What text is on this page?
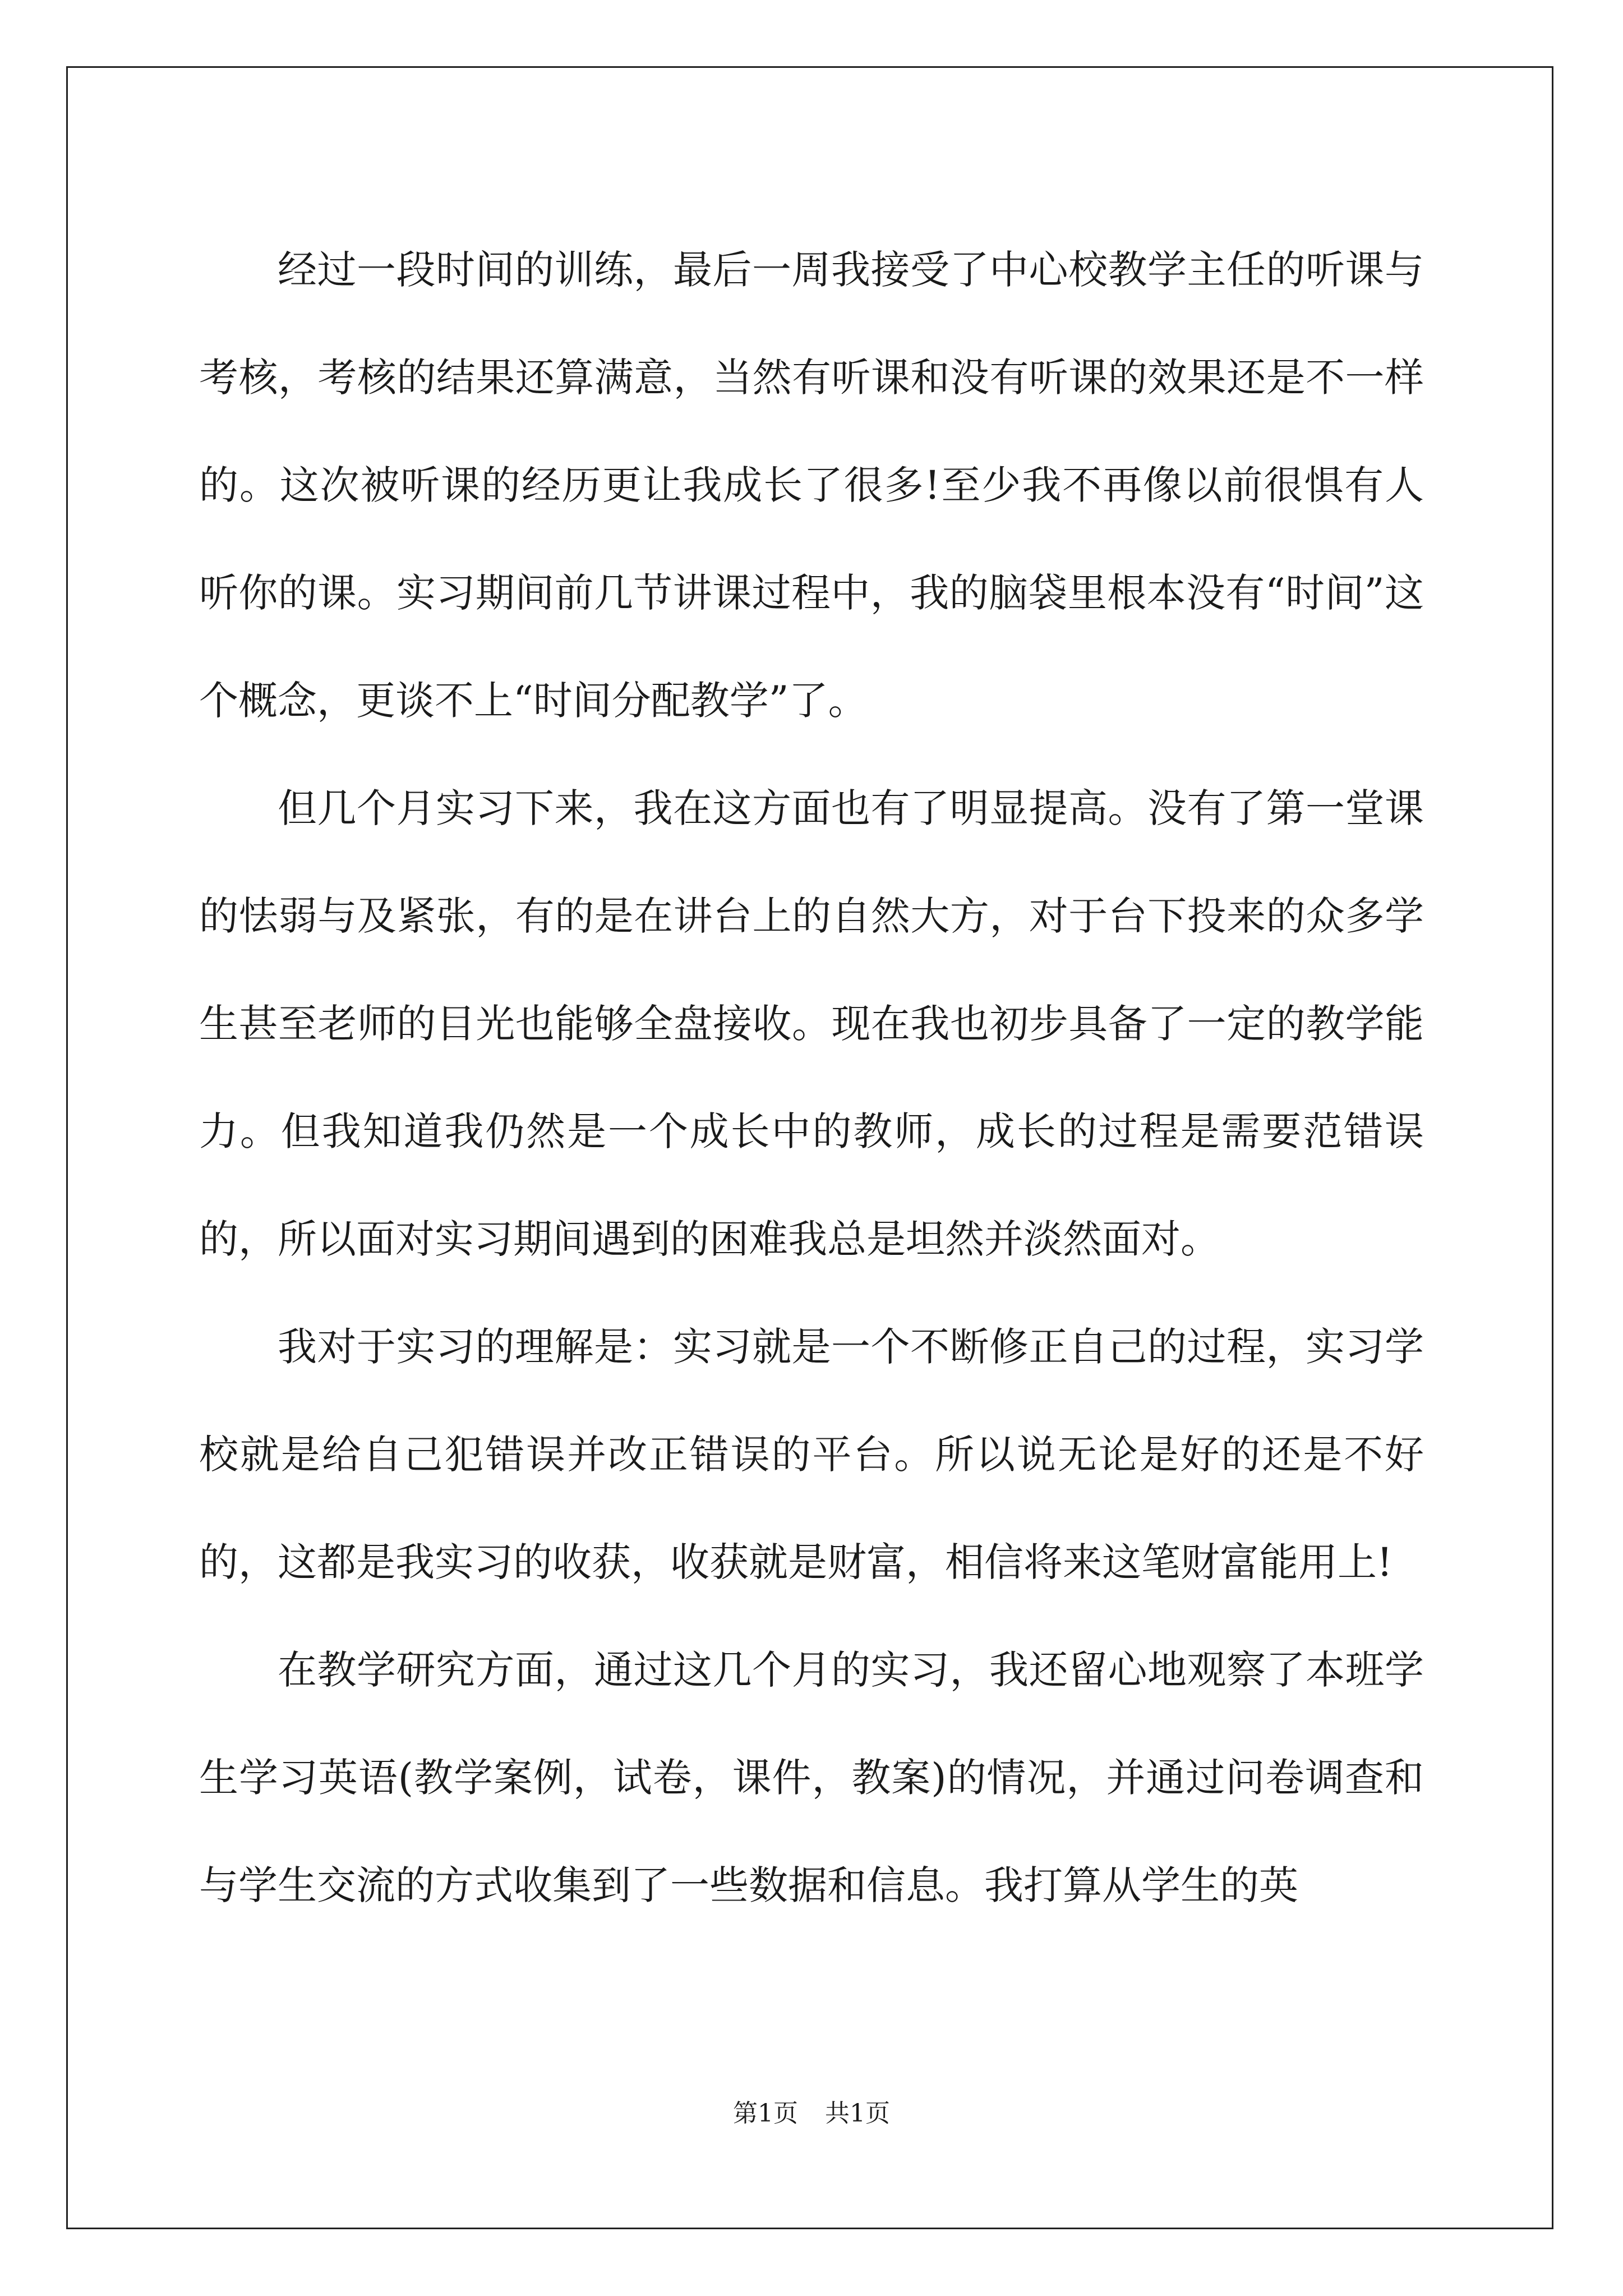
经过一段时间的训练，最后一周我接受了中心校教学主任的听课与考核，考核的结果还算满意，当然有听课和没有听课的效果还是不一样的。这次被听课的经历更让我成长了很多!至少我不再像以前很惧有人听你的课。实习期间前几节讲课过程中，我的脑袋里根本没有“时间”这个概念，更谈不上“时间分配教学”了。

但几个月实习下来，我在这方面也有了明显提高。没有了第一堂课的怯弱与及紧张，有的是在讲台上的自然大方，对于台下投来的众多学生甚至老师的目光也能够全盘接收。现在我也初步具备了一定的教学能力。但我知道我仍然是一个成长中的教师，成长的过程是需要范错误的，所以面对实习期间遇到的困难我总是坦然并淡然面对。

我对于实习的理解是：实习就是一个不断修正自己的过程，实习学校就是给自己犯错误并改正错误的平台。所以说无论是好的还是不好的，这都是我实习的收获，收获就是财富，相信将来这笔财富能用上!

在教学研究方面，通过这几个月的实习，我还留心地观察了本班学生学习英语(教学案例，试卷，课件，教案)的情况，并通过问卷调查和与学生交流的方式收集到了一些数据和信息。我打算从学生的英

第1页 共1页
